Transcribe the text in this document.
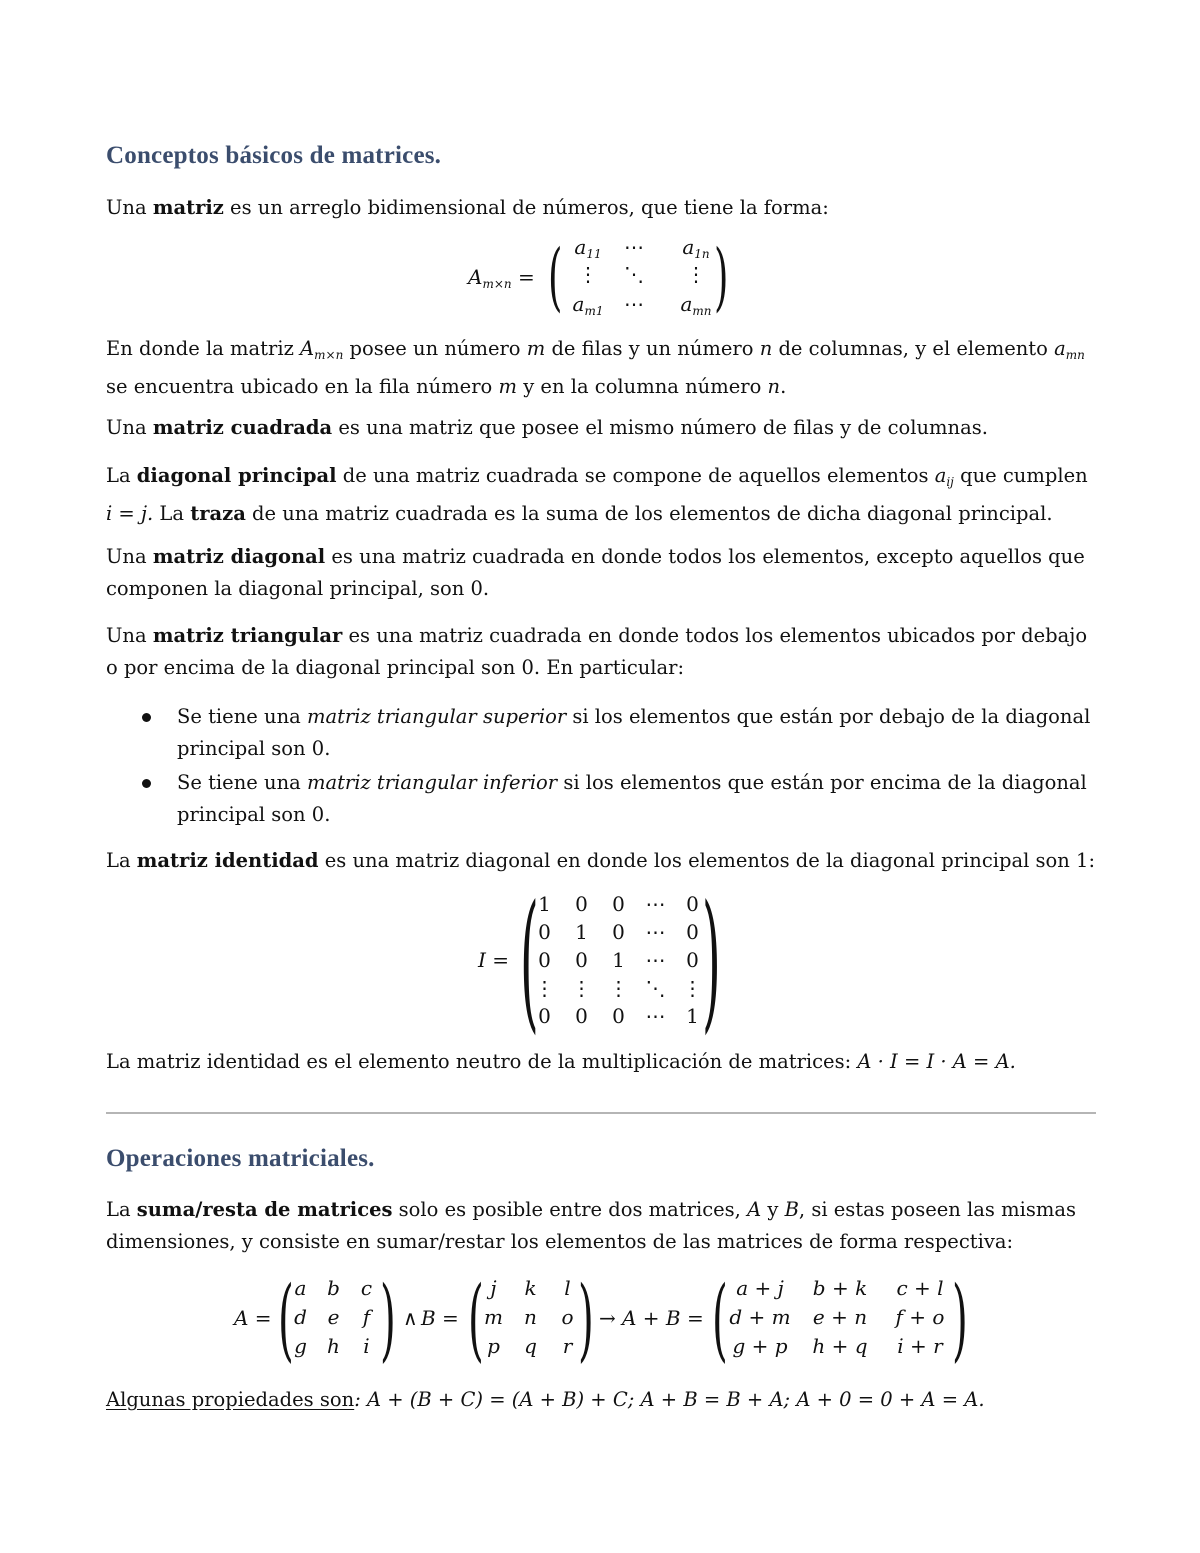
Conceptos básicos de matrices.

Una matriz es un arreglo bidimensional de números, que tiene la forma:

$A_{m\times n}$ = ( )
$a_{11}$	⋯	$a_{1n}$
⋮	⋱	⋮
$a_{m1}$	⋯	$a_{mn}$

En donde la matriz $A_{m\times n}$ posee un número m de filas y un número n de columnas, y el elemento $a_{mn}$
se encuentra ubicado en la fila número m y en la columna número n.

Una matriz cuadrada es una matriz que posee el mismo número de filas y de columnas.

La diagonal principal de una matriz cuadrada se compone de aquellos elementos $a_{ij}$ que cumplen
i = j. La traza de una matriz cuadrada es la suma de los elementos de dicha diagonal principal.

Una matriz diagonal es una matriz cuadrada en donde todos los elementos, excepto aquellos que componen la diagonal principal, son 0.

Una matriz triangular es una matriz cuadrada en donde todos los elementos ubicados por debajo o por encima de la diagonal principal son 0. En particular:

Se tiene una matriz triangular superior si los elementos que están por debajo de la diagonal principal son 0.
Se tiene una matriz triangular inferior si los elementos que están por encima de la diagonal principal son 0.

La matriz identidad es una matriz diagonal en donde los elementos de la diagonal principal son 1:

I = ( )
1	0	0	⋯	0
0	1	0	⋯	0
0	0	1	⋯	0
⋮ ⋮ ⋮ ⋱ ⋮
0	0	0	⋯	1

La matriz identidad es el elemento neutro de la multiplicación de matrices: A · I = I · A = A.

Operaciones matriciales.

La suma/resta de matrices solo es posible entre dos matrices, A y B, si estas poseen las mismas dimensiones, y consiste en sumar/restar los elementos de las matrices de forma respectiva:

A = ( )
a	b	c
d	e	f
g	h	i
∧ B = ( )
j	k	l
m	n	o
p	q	r
→ A + B = ( )
a + j	b + k	c + l
d + m	e + n	f + o
g + p	h + q	i + r

Algunas propiedades son: A + (B + C) = (A + B) + C; A + B = B + A; A + 0 = 0 + A = A.
